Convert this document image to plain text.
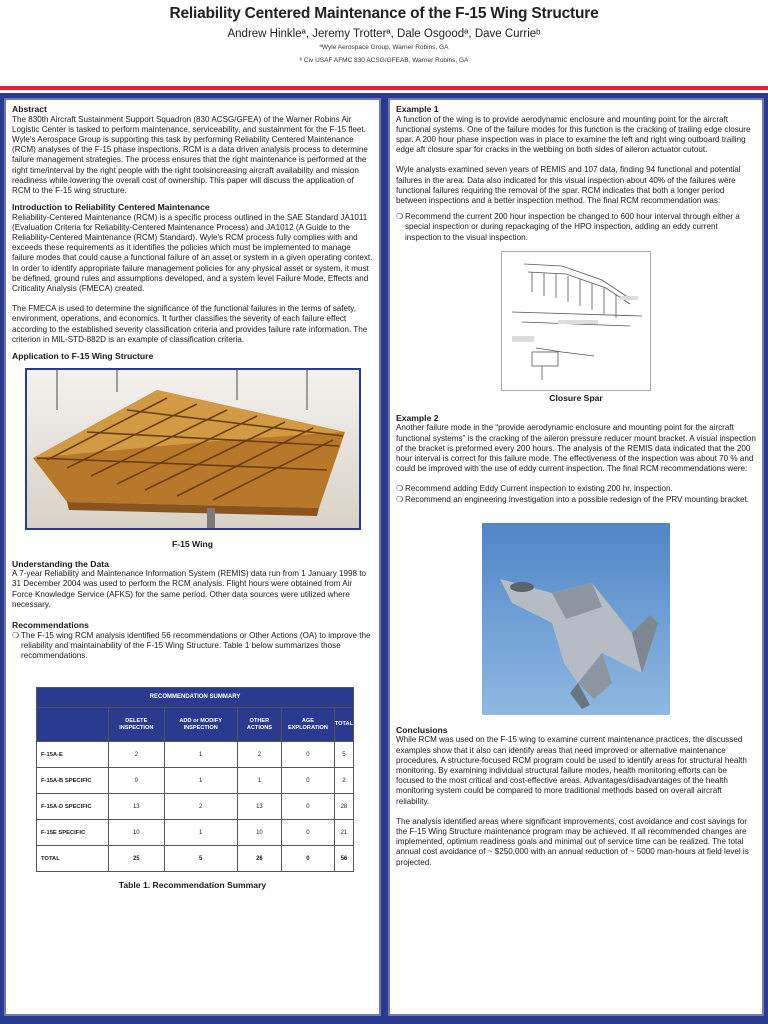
Reliability Centered Maintenance of the F-15 Wing Structure
Andrew Hinkleª, Jeremy Trotterª, Dale Osgoodª, Dave Currieᵇ
ªWyle Aerospace Group, Warner Robins, GA
ᵇ Civ USAF AFMC 830 ACSG/GFEAB, Warner Robins, GA
Abstract

The 830th Aircraft Sustainment Support Squadron (830 ACSG/GFEA) of the Warner Robins Air Logistic Center is tasked to perform maintenance, serviceability, and sustainment for the F-15 fleet. Wyle's Aerospace Group is supporting this task by performing Reliability Centered Maintenance (RCM) analyses of the F-15 phase inspections. RCM is a data driven analysis process to determine failure management strategies. The process ensures that the right maintenance is performed at the right time/interval by the right people with the right toolsincreasing aircraft availability and mission readiness while lowering the overall cost of ownership. This paper will discuss the application of RCM to the F-15 wing structure.

Introduction to Reliability Centered Maintenance

Reliability-Centered Maintenance (RCM) is a specific process outlined in the SAE Standard JA1011 (Evaluation Criteria for Reliability-Centered Maintenance Process) and JA1012 (A Guide to the Reliability-Centered Maintenance (RCM) Standard). Wyle's RCM process fully complies with and exceeds these requirements as it identifies the policies which must be implemented to manage failure modes that could cause a functional failure of an asset or system in a given operating context. In order to identify appropriate failure management policies for any physical asset or system, it must be defined, ground rules and assumptions developed, and a system level Failure Mode, Effects and Criticality Analysis (FMECA) created.

The FMECA is used to determine the significance of the functional failures in the terms of safety, environment, operations, and economics. It further classifies the severity of each failure effect according to the established severity classification criteria and provides failure rate information. The criterion in MIL-STD-882D is an example of classification criteria.

Application to F-15 Wing Structure
F-15 Wing
Understanding the Data

A 7-year Reliability and Maintenance Information System (REMIS) data run from 1 January 1998 to 31 December 2004 was used to perform the RCM analysis. Flight hours were obtained from Air Force Knowledge Service (AFKS) for the same period. Other data sources were utilized where necessary.

Recommendations
❍ The F-15 wing RCM analysis identified 56 recommendations or Other Actions (OA) to improve the reliability and maintainability of the F-15 Wing Structure. Table 1 below summarizes those recommendations.
RECOMMENDATION SUMMARY					
	DELETE INSPECTION	ADD or MODIFY INSPECTION	OTHER ACTIONS	AGE EXPLORATION	TOTAL
F-15A-E	2	1	2	0	5
F-15A-B SPECIFIC	0	1	1	0	2
F-15A-D SPECIFIC	13	2	13	0	28
F-15E SPECIFIC	10	1	10	0	21
TOTAL	25	5	26	0	56
Table 1. Recommendation Summary
Example 1

A function of the wing is to provide aerodynamic enclosure and mounting point for the aircraft functional systems. One of the failure modes for this function is the cracking of trailing edge closure spar. A 200 hour phase inspection was in place to examine the left and right wing outboard trailing edge aft closure spar for cracks in the webbing on both sides of aileron actuator cutout.

Wyle analysts examined seven years of REMIS and 107 data, finding 94 functional and potential failures in the area. Data also indicated for this visual inspection about 40% of the failures were functional failures requiring the removal of the spar. RCM indicates that both a longer period between inspections and a better inspection method. The final RCM recommendation was:

❍ Recommend the current 200 hour inspection be changed to 600 hour interval through either a special inspection or during repackaging of the HPO inspection, adding an eddy current inspection to the visual inspection.
Closure Spar
Example 2

Another failure mode in the “provide aerodynamic enclosure and mounting point for the aircraft functional systems” is the cracking of the aileron pressure reducer mount bracket. A visual inspection of the bracket is preformed every 200 hours. The analysis of the REMIS data indicated that the 200 hour interval is correct for this failure mode. The effectiveness of the inspection was about 70 % and could be improved with the use of eddy current inspection. The final RCM recommendations were:

❍ Recommend adding Eddy Current inspection to existing 200 hr. inspection.
❍ Recommend an engineering investigation into a possible redesign of the PRV mounting bracket.
Conclusions

While RCM was used on the F-15 wing to examine current maintenance practices, the discussed examples show that it also can identify areas that need improved or alternative maintenance procedures. A structure-focused RCM program could be used to identify areas for structural health monitoring. By examining individual structural failure modes, health monitoring efforts can be focused to the most critical and cost-effective areas. Advantages/disadvantages of the health monitoring system could be compared to more traditional methods based on overall aircraft reliability.

The analysis identified areas where significant improvements, cost avoidance and cost savings for the F-15 Wing Structure maintenance program may be achieved. If all recommended changes are implemented, optimum readiness goals and minimal out of service time can be realized. The total annual cost avoidance of ~ $250,000 with an annual reduction of ~ 5000 man-hours at field level is projected.
